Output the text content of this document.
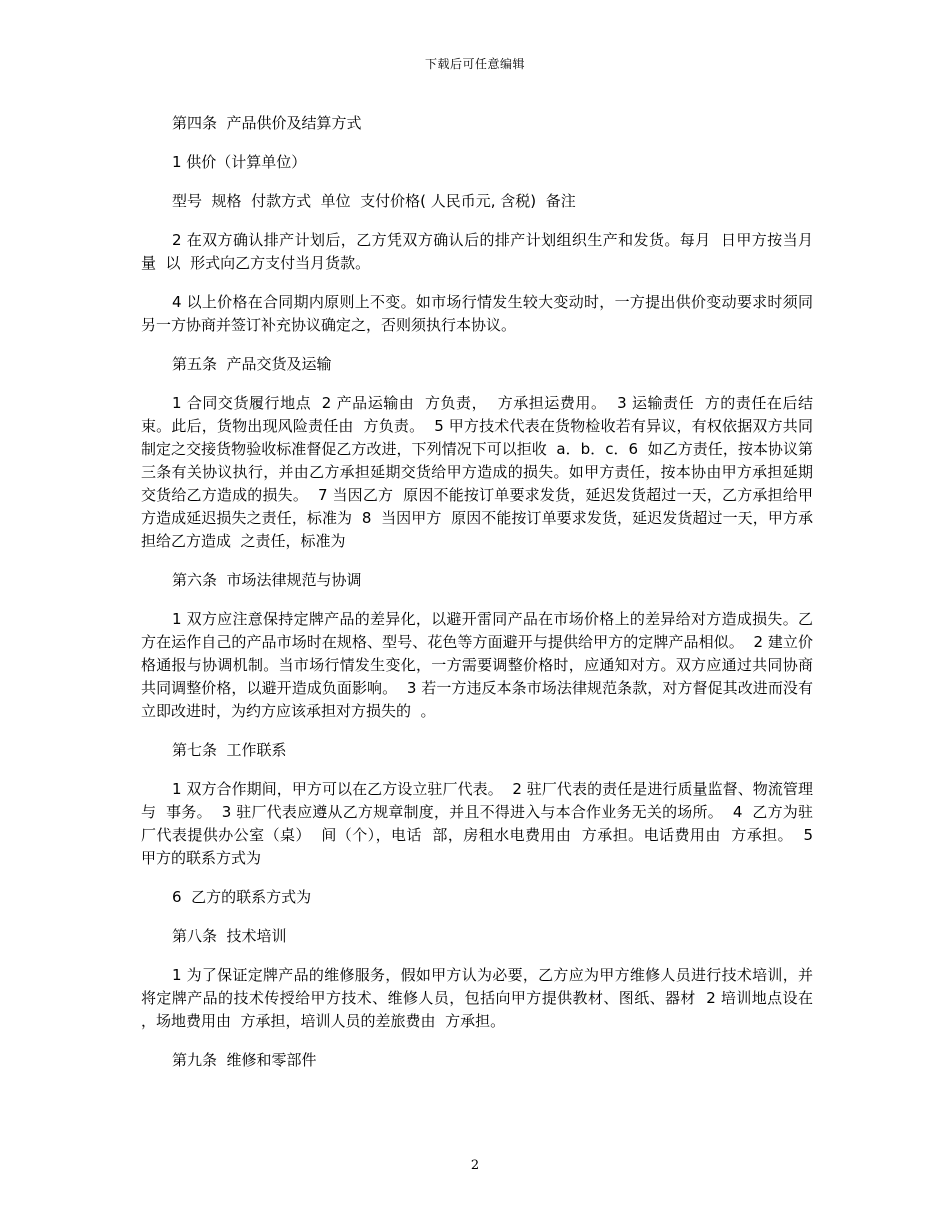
下载后可任意编辑

第四条  产品供价及结算方式

1 供价（计算单位）

型号  规格  付款方式  单位  支付价格( 人民币元, 含税)  备注

2 在双方确认排产计划后，乙方凭双方确认后的排产计划组织生产和发货。每月  日甲方按当月  量  以  形式向乙方支付当月货款。

4 以上价格在合同期内原则上不变。如市场行情发生较大变动时，一方提出供价变动要求时须同另一方协商并签订补充协议确定之，否则须执行本协议。

第五条  产品交货及运输

1 合同交货履行地点  2 产品运输由  方负责，  方承担运费用。  3 运输责任  方的责任在后结束。此后，货物出现风险责任由  方负责。  5 甲方技术代表在货物检收若有异议，有权依据双方共同制定之交接货物验收标准督促乙方改进，下列情况下可以拒收  a．b．c．6  如乙方责任，按本协议第三条有关协议执行，并由乙方承担延期交货给甲方造成的损失。如甲方责任，按本协由甲方承担延期交货给乙方造成的损失。  7 当因乙方  原因不能按订单要求发货，延迟发货超过一天，乙方承担给甲方造成延迟损失之责任，标准为  8  当因甲方  原因不能按订单要求发货，延迟发货超过一天，甲方承担给乙方造成  之责任，标准为

第六条  市场法律规范与协调

1 双方应注意保持定牌产品的差异化，以避开雷同产品在市场价格上的差异给对方造成损失。乙方在运作自己的产品市场时在规格、型号、花色等方面避开与提供给甲方的定牌产品相似。  2 建立价格通报与协调机制。当市场行情发生变化，一方需要调整价格时，应通知对方。双方应通过共同协商共同调整价格，以避开造成负面影响。  3 若一方违反本条市场法律规范条款，对方督促其改进而没有立即改进时，为约方应该承担对方损失的  。

第七条  工作联系

1 双方合作期间，甲方可以在乙方设立驻厂代表。  2 驻厂代表的责任是进行质量监督、物流管理与  事务。  3 驻厂代表应遵从乙方规章制度，并且不得进入与本合作业务无关的场所。  4  乙方为驻厂代表提供办公室（桌）  间（个），电话  部，房租水电费用由  方承担。电话费用由  方承担。  5  甲方的联系方式为

6  乙方的联系方式为

第八条  技术培训

1 为了保证定牌产品的维修服务，假如甲方认为必要，乙方应为甲方维修人员进行技术培训，并将定牌产品的技术传授给甲方技术、维修人员，包括向甲方提供教材、图纸、器材  2 培训地点设在  ，场地费用由  方承担，培训人员的差旅费由  方承担。

第九条  维修和零部件

2
